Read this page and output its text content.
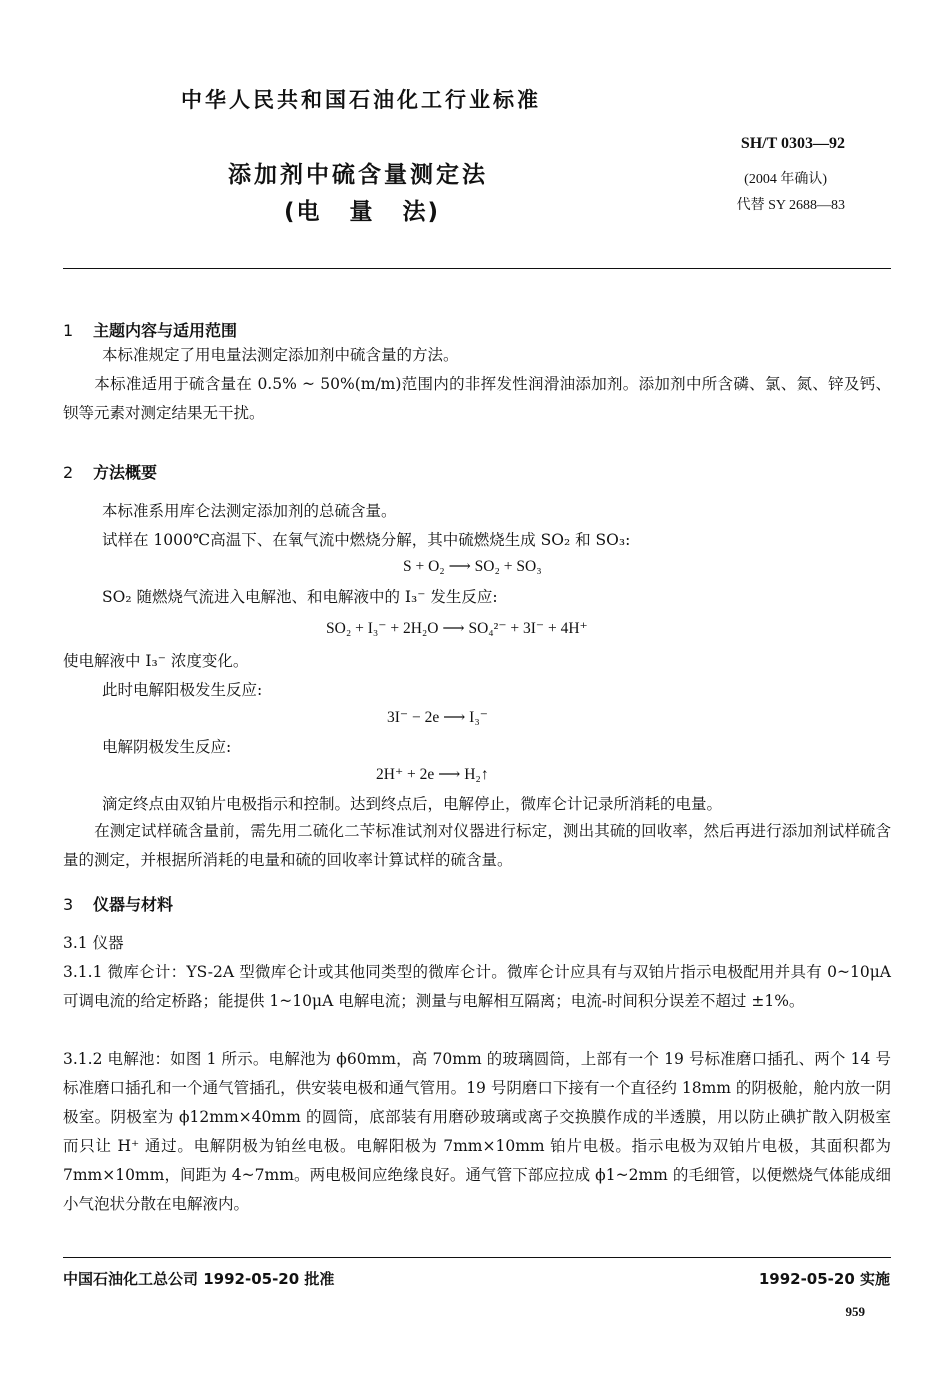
中华人民共和国石油化工行业标准
SH/T 0303—92
添加剂中硫含量测定法
(电 量 法)
(2004 年确认)
代替 SY 2688—83
1 主题内容与适用范围
本标准规定了用电量法测定添加剂中硫含量的方法。
本标准适用于硫含量在 0.5% ~ 50%(m/m)范围内的非挥发性润滑油添加剂。添加剂中所含磷、氯、氮、锌及钙、钡等元素对测定结果无干扰。
2 方法概要
本标准系用库仑法测定添加剂的总硫含量。
试样在 1000℃高温下、在氧气流中燃烧分解，其中硫燃烧生成 SO₂ 和 SO₃:
S + O₂ ⟶ SO₂ + SO₃
SO₂ 随燃烧气流进入电解池、和电解液中的 I₃⁻ 发生反应:
SO₂ + I₃⁻ + 2H₂O ⟶ SO₄²⁻ + 3I⁻ + 4H⁺
使电解液中 I₃⁻ 浓度变化。
此时电解阳极发生反应:
3I⁻ − 2e ⟶ I₃⁻
电解阴极发生反应:
2H⁺ + 2e ⟶ H₂↑
滴定终点由双铂片电极指示和控制。达到终点后，电解停止，微库仑计记录所消耗的电量。
在测定试样硫含量前，需先用二硫化二苄标准试剂对仪器进行标定，测出其硫的回收率，然后再进行添加剂试样硫含量的测定，并根据所消耗的电量和硫的回收率计算试样的硫含量。
3 仪器与材料
3.1 仪器
3.1.1 微库仑计：YS-2A 型微库仑计或其他同类型的微库仑计。微库仑计应具有与双铂片指示电极配用并具有 0~10μA 可调电流的给定桥路；能提供 1~10μA 电解电流；测量与电解相互隔离；电流-时间积分误差不超过 ±1%。
3.1.2 电解池：如图 1 所示。电解池为 ϕ60mm，高 70mm 的玻璃圆筒，上部有一个 19 号标准磨口插孔、两个 14 号标准磨口插孔和一个通气管插孔，供安装电极和通气管用。19 号阴磨口下接有一个直径约 18mm 的阴极舱，舱内放一阴极室。阴极室为 ϕ12mm×40mm 的圆筒，底部装有用磨砂玻璃或离子交换膜作成的半透膜，用以防止碘扩散入阴极室而只让 H⁺ 通过。电解阴极为铂丝电极。电解阳极为 7mm×10mm 铂片电极。指示电极为双铂片电极，其面积都为 7mm×10mm，间距为 4~7mm。两电极间应绝缘良好。通气管下部应拉成 ϕ1~2mm 的毛细管，以便燃烧气体能成细小气泡状分散在电解液内。
中国石油化工总公司 1992-05-20 批准	1992-05-20 实施
959
